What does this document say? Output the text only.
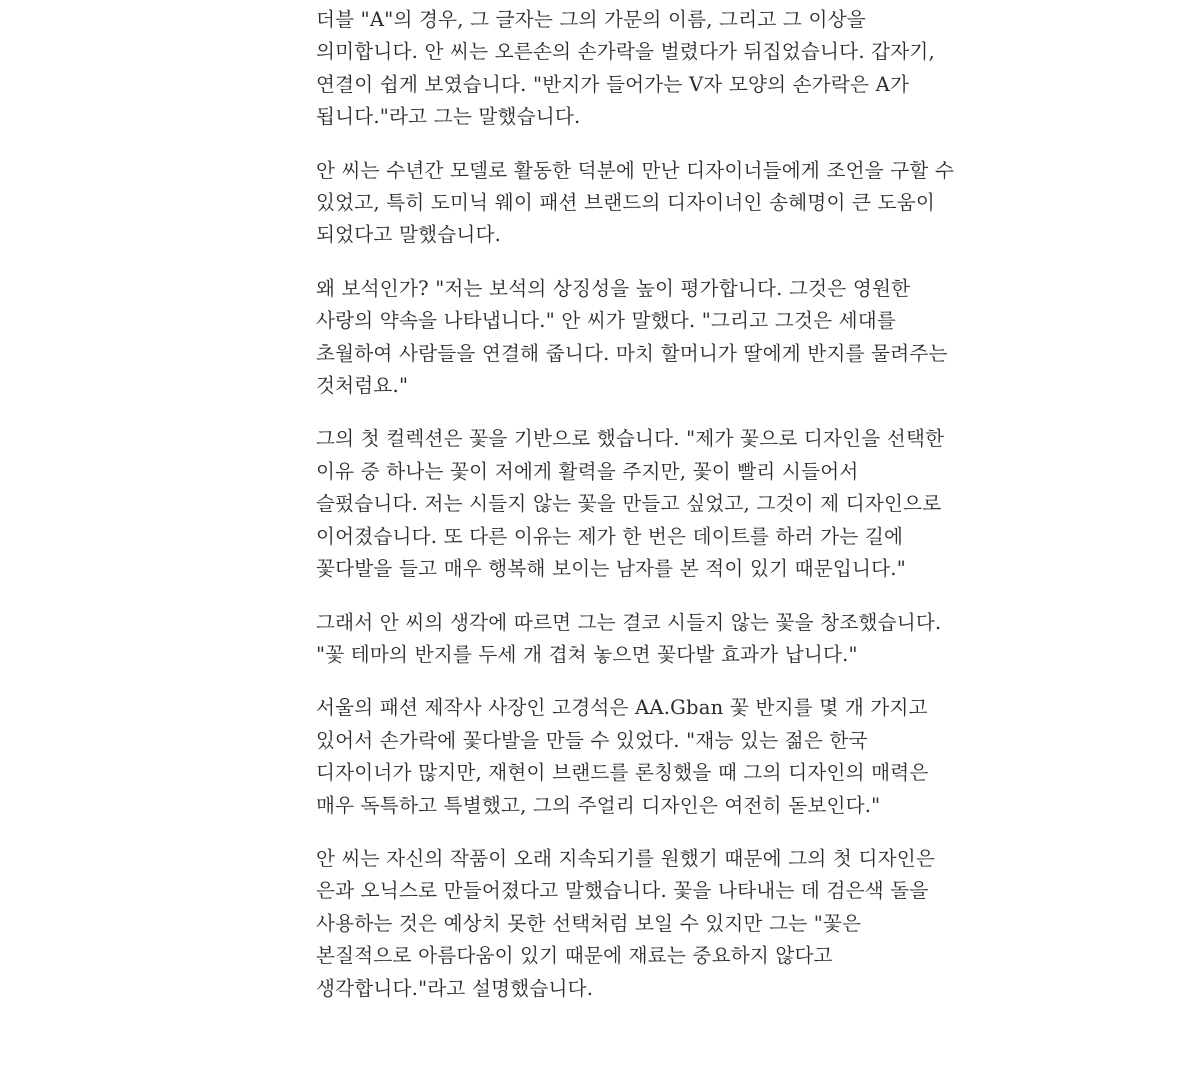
더블 "A"의 경우, 그 글자는 그의 가문의 이름, 그리고 그 이상을 의미합니다. 안 씨는 오른손의 손가락을 벌렸다가 뒤집었습니다. 갑자기, 연결이 쉽게 보였습니다. "반지가 들어가는 V자 모양의 손가락은 A가 됩니다."라고 그는 말했습니다.

안 씨는 수년간 모델로 활동한 덕분에 만난 디자이너들에게 조언을 구할 수 있었고, 특히 도미닉 웨이 패션 브랜드의 디자이너인 송혜명이 큰 도움이 되었다고 말했습니다.

왜 보석인가? "저는 보석의 상징성을 높이 평가합니다. 그것은 영원한 사랑의 약속을 나타냅니다." 안 씨가 말했다. "그리고 그것은 세대를 초월하여 사람들을 연결해 줍니다. 마치 할머니가 딸에게 반지를 물려주는 것처럼요."

그의 첫 컬렉션은 꽃을 기반으로 했습니다. "제가 꽃으로 디자인을 선택한 이유 중 하나는 꽃이 저에게 활력을 주지만, 꽃이 빨리 시들어서 슬펐습니다. 저는 시들지 않는 꽃을 만들고 싶었고, 그것이 제 디자인으로 이어졌습니다. 또 다른 이유는 제가 한 번은 데이트를 하러 가는 길에 꽃다발을 들고 매우 행복해 보이는 남자를 본 적이 있기 때문입니다."

그래서 안 씨의 생각에 따르면 그는 결코 시들지 않는 꽃을 창조했습니다. "꽃 테마의 반지를 두세 개 겹쳐 놓으면 꽃다발 효과가 납니다."

서울의 패션 제작사 사장인 고경석은 AA.Gban 꽃 반지를 몇 개 가지고 있어서 손가락에 꽃다발을 만들 수 있었다. "재능 있는 젊은 한국 디자이너가 많지만, 재현이 브랜드를 론칭했을 때 그의 디자인의 매력은 매우 독특하고 특별했고, 그의 주얼리 디자인은 여전히 돋보인다."

안 씨는 자신의 작품이 오래 지속되기를 원했기 때문에 그의 첫 디자인은 은과 오닉스로 만들어졌다고 말했습니다. 꽃을 나타내는 데 검은색 돌을 사용하는 것은 예상치 못한 선택처럼 보일 수 있지만 그는 "꽃은 본질적으로 아름다움이 있기 때문에 재료는 중요하지 않다고 생각합니다."라고 설명했습니다.
